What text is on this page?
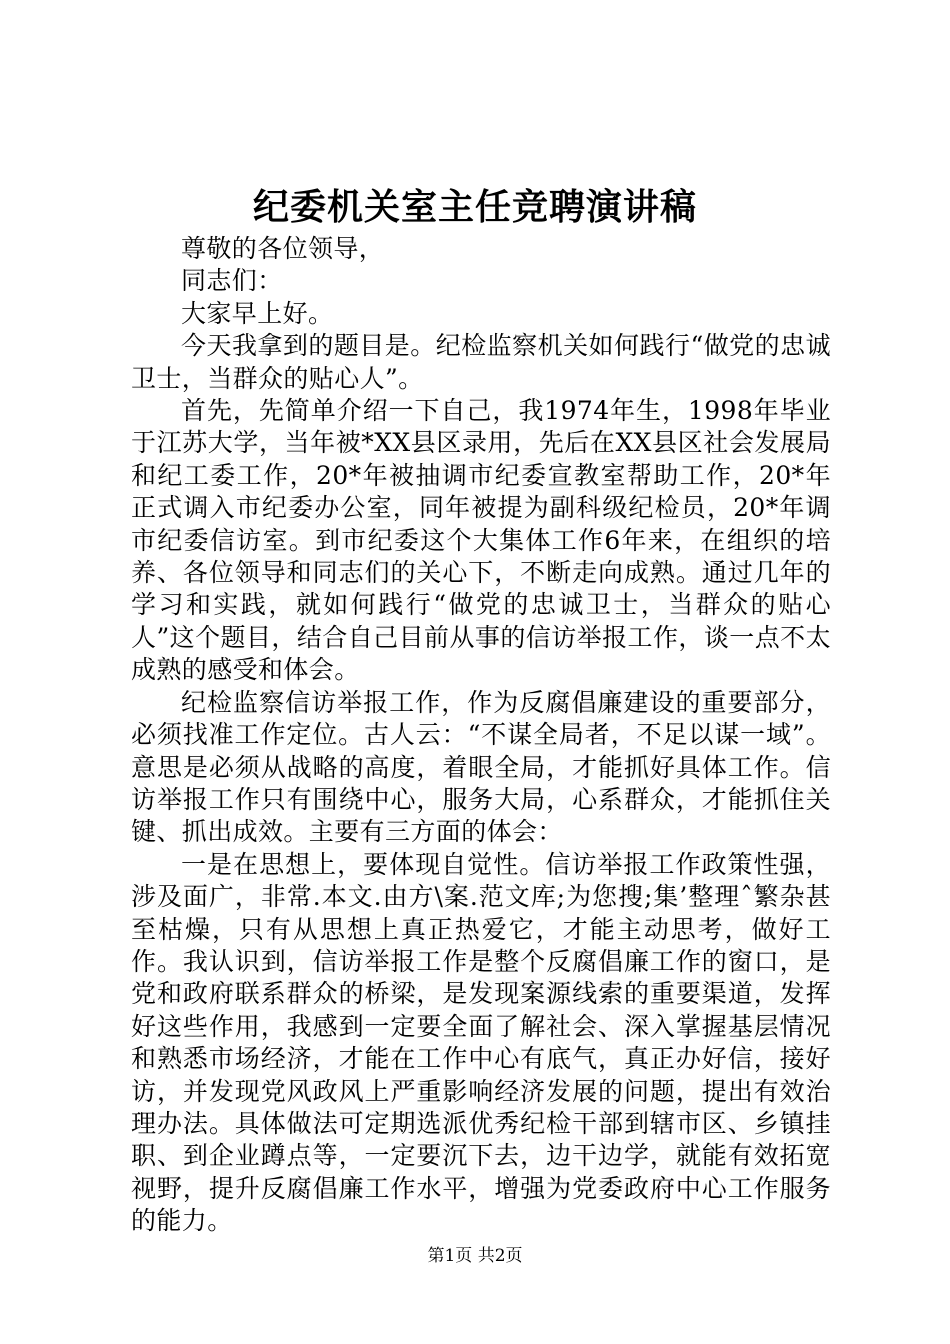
纪委机关室主任竞聘演讲稿

尊敬的各位领导，

同志们：

大家早上好。

今天我拿到的题目是。纪检监察机关如何践行“做党的忠诚卫士，当群众的贴心人”。

首先，先简单介绍一下自己，我1974年生，1998年毕业于江苏大学，当年被*XX县区录用，先后在XX县区社会发展局和纪工委工作，20*年被抽调市纪委宣教室帮助工作，20*年正式调入市纪委办公室，同年被提为副科级纪检员，20*年调市纪委信访室。到市纪委这个大集体工作6年来，在组织的培养、各位领导和同志们的关心下，不断走向成熟。通过几年的学习和实践，就如何践行“做党的忠诚卫士，当群众的贴心人”这个题目，结合自己目前从事的信访举报工作，谈一点不太成熟的感受和体会。

纪检监察信访举报工作，作为反腐倡廉建设的重要部分，必须找准工作定位。古人云：“不谋全局者，不足以谋一域”。意思是必须从战略的高度，着眼全局，才能抓好具体工作。信访举报工作只有围绕中心，服务大局，心系群众，才能抓住关键、抓出成效。主要有三方面的体会：

一是在思想上，要体现自觉性。信访举报工作政策性强，涉及面广，非常.本文.由方\案.范文库;为您搜;集’整理ˆ繁杂甚至枯燥，只有从思想上真正热爱它，才能主动思考，做好工作。我认识到，信访举报工作是整个反腐倡廉工作的窗口，是党和政府联系群众的桥梁，是发现案源线索的重要渠道，发挥好这些作用，我感到一定要全面了解社会、深入掌握基层情况和熟悉市场经济，才能在工作中心有底气，真正办好信，接好访，并发现党风政风上严重影响经济发展的问题，提出有效治理办法。具体做法可定期选派优秀纪检干部到辖市区、乡镇挂职、到企业蹲点等，一定要沉下去，边干边学，就能有效拓宽视野，提升反腐倡廉工作水平，增强为党委政府中心工作服务的能力。

第1页 共2页
